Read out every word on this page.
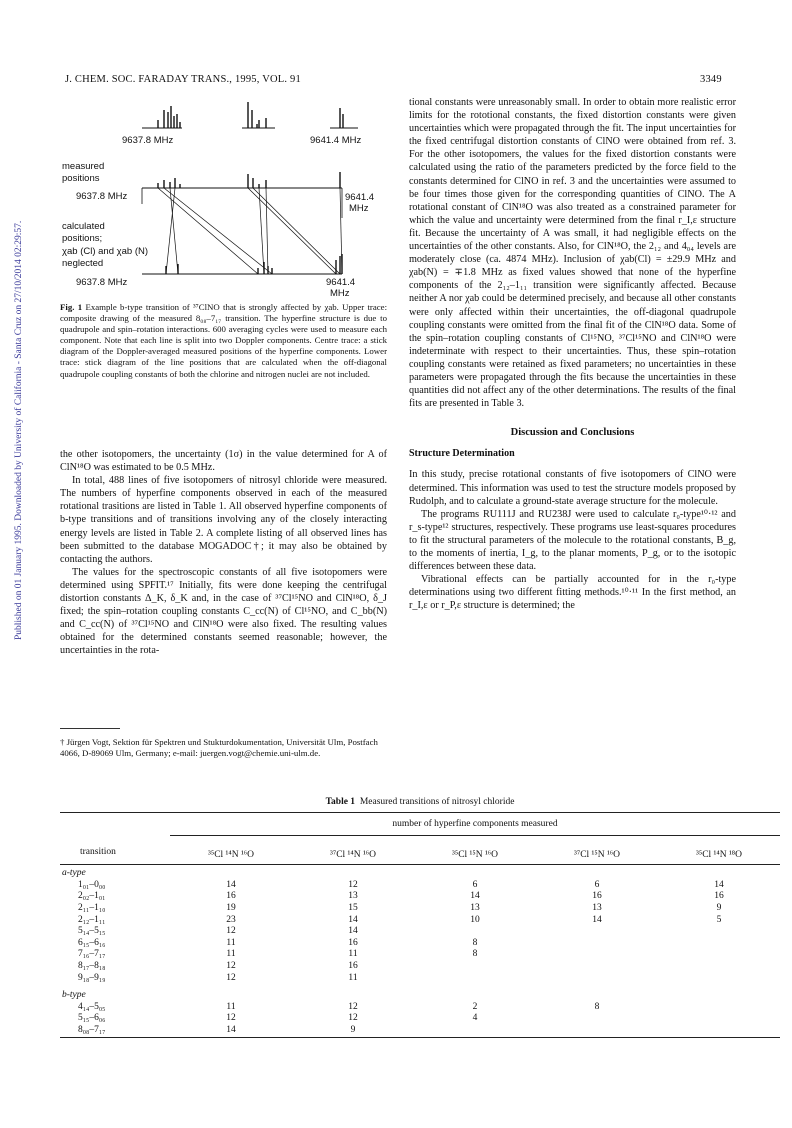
J. CHEM. SOC. FARADAY TRANS., 1995, VOL. 91	3349
Published on 01 January 1995. Downloaded by University of California - Santa Cruz on 27/10/2014 02:29:57.
9637.8 MHz	9641.4 MHz
measured
positions
9637.8 MHz	9641.4
MHz
calculated
positions;
χab (Cl) and χab (N)
neglected
9637.8 MHz	9641.4
MHz
Fig. 1 Example b-type transition of ³⁷ClNO that is strongly affected by χab. Upper trace: composite drawing of the measured 8₀₈–7₁₇ transition. The hyperfine structure is due to quadrupole and spin–rotation interactions. 600 averaging cycles were used to measure each component. Note that each line is split into two Doppler components. Centre trace: a stick diagram of the Doppler-averaged measured positions of the hyperfine components. Lower trace: stick diagram of the line positions that are calculated when the off-diagonal quadrupole coupling constants of both the chlorine and nitrogen nuclei are not included.

the other isotopomers, the uncertainty (1σ) in the value determined for A of ClN¹⁸O was estimated to be 0.5 MHz.

In total, 488 lines of five isotopomers of nitrosyl chloride were measured. The numbers of hyperfine components observed in each of the measured rotational trasitions are listed in Table 1. All observed hyperfine components of b-type transitions and of transitions involving any of the closely interacting energy levels are listed in Table 2. A complete listing of all observed lines has been submitted to the database MOGADOC†; it may also be obtained by contacting the authors.

The values for the spectroscopic constants of all five isotopomers were determined using SPFIT.¹⁷ Initially, fits were done keeping the centrifugal distortion constants Δ_K, δ_K and, in the case of ³⁷Cl¹⁵NO and ClN¹⁸O, δ_J fixed; the spin–rotation coupling constants C_cc(N) of Cl¹⁵NO, and C_bb(N) and C_cc(N) of ³⁷Cl¹⁵NO and ClN¹⁸O were also fixed. The resulting values obtained for the determined constants seemed reasonable; however, the uncertainties in the rota-

† Jürgen Vogt, Sektion für Spektren und Stukturdokumentation, Universität Ulm, Postfach 4066, D-89069 Ulm, Germany; e-mail: juergen.vogt@chemie.uni-ulm.de.

tional constants were unreasonably small. In order to obtain more realistic error limits for the rototional constants, the fixed distortion constants were given uncertainties which were propagated through the fit. The input uncertainties for the fixed centrifugal distortion constants of ClNO were obtained from ref. 3. For the other isotopomers, the values for the fixed distortion constants were calculated using the ratio of the parameters predicted by the force field to the constants determined for ClNO in ref. 3 and the uncertainties were assumed to be four times those given for the corresponding quantities of ClNO. The A rotational constant of ClN¹⁸O was also treated as a constrained parameter for which the value and uncertainty were determined from the final r_I,ε structure fit. Because the uncertainty of A was small, it had negligible effects on the uncertainties of the other constants. Also, for ClN¹⁸O, the 2₁₂ and 4₀₄ levels are moderately close (ca. 4874 MHz). Inclusion of χab(Cl) = ±29.9 MHz and χab(N) = ∓1.8 MHz as fixed values showed that none of the hyperfine components of the 2₁₂–1₁₁ transition were significantly affected. Because neither A nor χab could be determined precisely, and because all other constants were only affected within their uncertainties, the off-diagonal quadrupole coupling constants were omitted from the final fit of the ClN¹⁸O data. Some of the spin–rotation coupling constants of Cl¹⁵NO, ³⁷Cl¹⁵NO and ClN¹⁸O were indeterminate with respect to their uncertainties. Thus, these spin–rotation coupling constants were retained as fixed parameters; no uncertainties in these parameters were propagated through the fits because the uncertainties in these quantities did not affect any of the other determinations. The results of the final fits are presented in Table 3.

Discussion and Conclusions
Structure Determination

In this study, precise rotational constants of five isotopomers of ClNO were determined. This information was used to test the structure models proposed by Rudolph, and to calculate a ground-state average structure for the molecule.

The programs RU111J and RU238J were used to calculate r₀-type¹⁰·¹² and r_s-type¹² structures, respectively. These programs use least-squares procedures to fit the structural parameters of the molecule to the rotational constants, B_g, to the moments of inertia, I_g, to the planar moments, P_g, or to the isotopic differences between these data.

Vibrational effects can be partially accounted for in the r₀-type determinations using two different fitting methods.¹⁰·¹¹ In the first method, an r_I,ε or r_P,ε structure is determined; the

Table 1 Measured transitions of nitrosyl chloride
	number of hyperfine components measured				

transition	³⁵Cl ¹⁴N ¹⁶O	³⁷Cl ¹⁴N ¹⁶O	³⁵Cl ¹⁵N ¹⁶O	³⁷Cl ¹⁵N ¹⁶O	³⁵Cl ¹⁴N ¹⁸O
a-type					
1₀₁–0₀₀	14	12	6	6	14
2₀₂–1₀₁	16	13	14	16	16
2₁₁–1₁₀	19	15	13	13	9
2₁₂–1₁₁	23	14	10	14	5
5₁₄–5₁₅	12	14			
6₁₅–6₁₆	11	16	8		
7₁₆–7₁₇	11	11	8		
8₁₇–8₁₈	12	16			
9₁₈–9₁₉	12	11			
b-type					
4₁₄–5₀₅	11	12	2	8	
5₁₅–6₀₆	12	12	4		
8₀₈–7₁₇	14	9			
